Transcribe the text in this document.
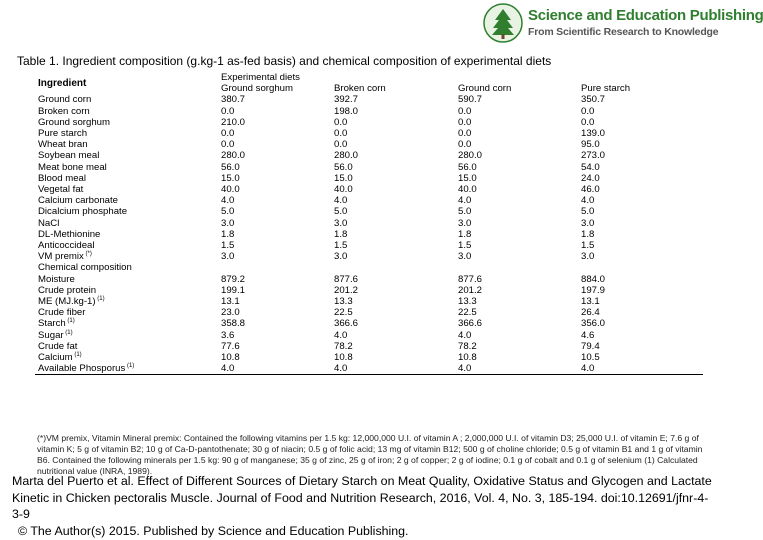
Science and Education Publishing
From Scientific Research to Knowledge
Table 1. Ingredient composition (g.kg-1 as-fed basis) and chemical composition of experimental diets
Ingredient	Experimental diets			
	Ground sorghum	Broken corn	Ground corn	Pure starch
Ground corn	380.7	392.7	590.7	350.7
Broken corn	0.0	198.0	0.0	0.0
Ground sorghum	210.0	0.0	0.0	0.0
Pure starch	0.0	0.0	0.0	139.0
Wheat bran	0.0	0.0	0.0	95.0
Soybean meal	280.0	280.0	280.0	273.0
Meat bone meal	56.0	56.0	56.0	54.0
Blood meal	15.0	15.0	15.0	24.0
Vegetal fat	40.0	40.0	40.0	46.0
Calcium carbonate	4.0	4.0	4.0	4.0
Dicalcium phosphate	5.0	5.0	5.0	5.0
NaCl	3.0	3.0	3.0	3.0
DL-Methionine	1.8	1.8	1.8	1.8
Anticoccideal	1.5	1.5	1.5	1.5
VM premix (*)	3.0	3.0	3.0	3.0
Chemical composition				
Moisture	879.2	877.6	877.6	884.0
Crude protein	199.1	201.2	201.2	197.9
ME (MJ.kg-1) $^{(1)}$	13.1	13.3	13.3	13.1
Crude fiber	23.0	22.5	22.5	26.4
Starch $^{(1)}$	358.8	366.6	366.6	356.0
Sugar $^{(1)}$	3.6	4.0	4.0	4.6
Crude fat	77.6	78.2	78.2	79.4
Calcium $^{(1)}$	10.8	10.8	10.8	10.5
Available Phosporus $^{(1)}$	4.0	4.0	4.0	4.0
(*)VM premix, Vitamin Mineral premix: Contained the following vitamins per 1.5 kg: 12,000,000 U.I. of vitamin A ; 2,000,000 U.I. of vitamin D3; 25,000 U.I. of vitamin E; 7.6 g of vitamin K; 5 g of vitamin B2; 10 g of Ca-D-pantothenate; 30 g of niacin; 0.5 g of folic acid; 13 mg of vitamin B12; 500 g of choline chloride; 0.5 g of vitamin B1 and 1 g of vitamin B6. Contained the following minerals per 1.5 kg: 90 g of manganese; 35 g of zinc, 25 g of iron; 2 g of copper; 2 g of iodine; 0.1 g of cobalt and 0.1 g of selenium (1) Calculated nutritional value (INRA, 1989).
Marta del Puerto et al. Effect of Different Sources of Dietary Starch on Meat Quality, Oxidative Status and Glycogen and Lactate Kinetic in Chicken pectoralis Muscle. Journal of Food and Nutrition Research, 2016, Vol. 4, No. 3, 185-194. doi:10.12691/jfnr-4-3-9
© The Author(s) 2015. Published by Science and Education Publishing.
